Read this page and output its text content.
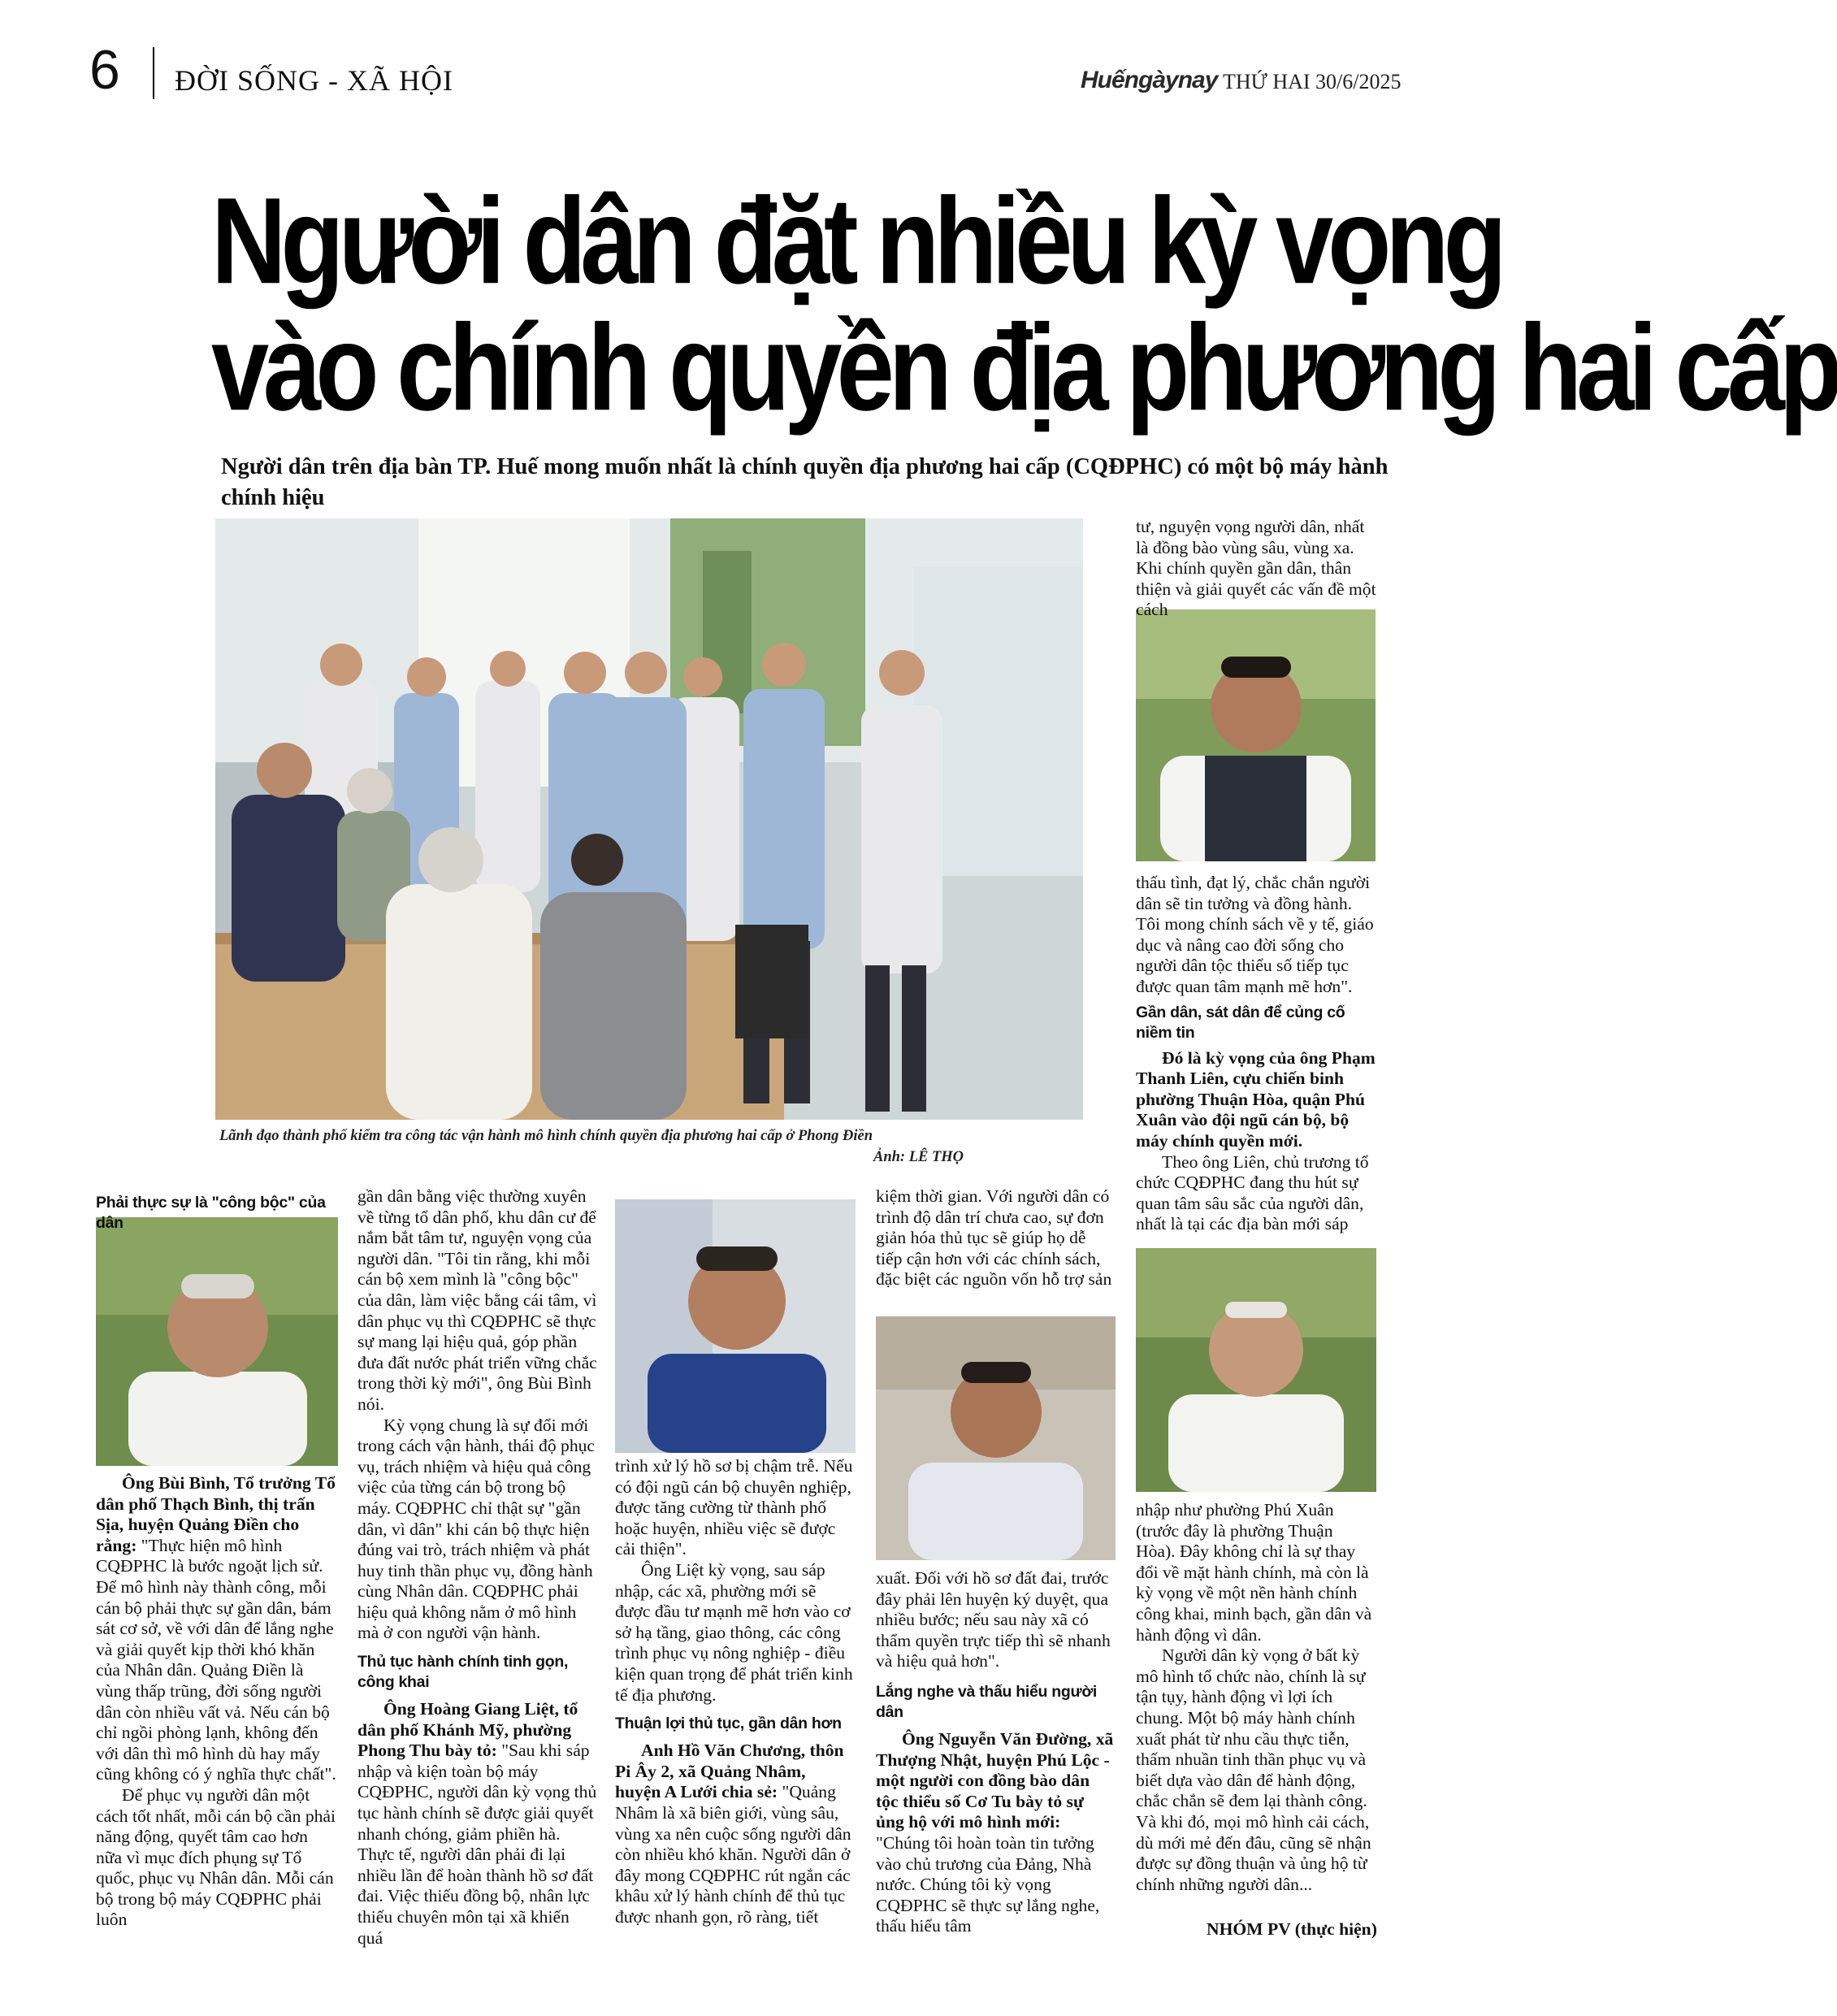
6 ĐỜI SỐNG - XÃ HỘI	Huếngàynay THỨ HAI 30/6/2025
Người dân đặt nhiều kỳ vọng
vào chính quyền địa phương hai cấp
Người dân trên địa bàn TP. Huế mong muốn nhất là chính quyền địa phương hai cấp (CQĐPHC) có một bộ máy hành chính hiệu
Lãnh đạo thành phố kiểm tra công tác vận hành mô hình chính quyền địa phương hai cấp ở Phong Điền
Ảnh: LÊ THỌ
Phải thực sự là "công bộc" của dân

Ông Bùi Bình, Tổ trưởng Tổ dân phố Thạch Bình, thị trấn Sịa, huyện Quảng Điền cho rằng: "Thực hiện mô hình CQĐPHC là bước ngoặt lịch sử. Để mô hình này thành công, mỗi cán bộ phải thực sự gần dân, bám sát cơ sở, về với dân để lắng nghe và giải quyết kịp thời khó khăn của Nhân dân. Quảng Điền là vùng thấp trũng, đời sống người dân còn nhiều vất vả. Nếu cán bộ chỉ ngồi phòng lạnh, không đến với dân thì mô hình dù hay mấy cũng không có ý nghĩa thực chất".

Để phục vụ người dân một cách tốt nhất, mỗi cán bộ cần phải năng động, quyết tâm cao hơn nữa vì mục đích phụng sự Tổ quốc, phục vụ Nhân dân. Mỗi cán bộ trong bộ máy CQĐPHC phải luôn

gần dân bằng việc thường xuyên về từng tổ dân phố, khu dân cư để nắm bắt tâm tư, nguyện vọng của người dân. "Tôi tin rằng, khi mỗi cán bộ xem mình là "công bộc" của dân, làm việc bằng cái tâm, vì dân phục vụ thì CQĐPHC sẽ thực sự mang lại hiệu quả, góp phần đưa đất nước phát triển vững chắc trong thời kỳ mới", ông Bùi Bình nói.

Kỳ vọng chung là sự đổi mới trong cách vận hành, thái độ phục vụ, trách nhiệm và hiệu quả công việc của từng cán bộ trong bộ máy. CQĐPHC chỉ thật sự "gần dân, vì dân" khi cán bộ thực hiện đúng vai trò, trách nhiệm và phát huy tinh thần phục vụ, đồng hành cùng Nhân dân. CQĐPHC phải hiệu quả không nằm ở mô hình mà ở con người vận hành.

Thủ tục hành chính tinh gọn, công khai

Ông Hoàng Giang Liệt, tổ dân phố Khánh Mỹ, phường Phong Thu bày tỏ: "Sau khi sáp nhập và kiện toàn bộ máy CQĐPHC, người dân kỳ vọng thủ tục hành chính sẽ được giải quyết nhanh chóng, giảm phiền hà. Thực tế, người dân phải đi lại nhiều lần để hoàn thành hồ sơ đất đai. Việc thiếu đồng bộ, nhân lực thiếu chuyên môn tại xã khiến quá

trình xử lý hồ sơ bị chậm trễ. Nếu có đội ngũ cán bộ chuyên nghiệp, được tăng cường từ thành phố hoặc huyện, nhiều việc sẽ được cải thiện".

Ông Liệt kỳ vọng, sau sáp nhập, các xã, phường mới sẽ được đầu tư mạnh mẽ hơn vào cơ sở hạ tầng, giao thông, các công trình phục vụ nông nghiệp - điều kiện quan trọng để phát triển kinh tế địa phương.

Thuận lợi thủ tục, gần dân hơn

Anh Hồ Văn Chương, thôn Pi Ây 2, xã Quảng Nhâm, huyện A Lưới chia sẻ: "Quảng Nhâm là xã biên giới, vùng sâu, vùng xa nên cuộc sống người dân còn nhiều khó khăn. Người dân ở đây mong CQĐPHC rút ngắn các khâu xử lý hành chính để thủ tục được nhanh gọn, rõ ràng, tiết

kiệm thời gian. Với người dân có trình độ dân trí chưa cao, sự đơn giản hóa thủ tục sẽ giúp họ dễ tiếp cận hơn với các chính sách, đặc biệt các nguồn vốn hỗ trợ sản

xuất. Đối với hồ sơ đất đai, trước đây phải lên huyện ký duyệt, qua nhiều bước; nếu sau này xã có thẩm quyền trực tiếp thì sẽ nhanh và hiệu quả hơn".

Lắng nghe và thấu hiểu người dân

Ông Nguyễn Văn Đường, xã Thượng Nhật, huyện Phú Lộc - một người con đồng bào dân tộc thiểu số Cơ Tu bày tỏ sự ủng hộ với mô hình mới: "Chúng tôi hoàn toàn tin tưởng vào chủ trương của Đảng, Nhà nước. Chúng tôi kỳ vọng CQĐPHC sẽ thực sự lắng nghe, thấu hiểu tâm

tư, nguyện vọng người dân, nhất là đồng bào vùng sâu, vùng xa. Khi chính quyền gần dân, thân thiện và giải quyết các vấn đề một cách

thấu tình, đạt lý, chắc chắn người dân sẽ tin tưởng và đồng hành. Tôi mong chính sách về y tế, giáo dục và nâng cao đời sống cho người dân tộc thiểu số tiếp tục được quan tâm mạnh mẽ hơn".

Gần dân, sát dân để củng cố niềm tin

Đó là kỳ vọng của ông Phạm Thanh Liên, cựu chiến binh phường Thuận Hòa, quận Phú Xuân vào đội ngũ cán bộ, bộ máy chính quyền mới.

Theo ông Liên, chủ trương tổ chức CQĐPHC đang thu hút sự quan tâm sâu sắc của người dân, nhất là tại các địa bàn mới sáp

nhập như phường Phú Xuân (trước đây là phường Thuận Hòa). Đây không chỉ là sự thay đổi về mặt hành chính, mà còn là kỳ vọng về một nền hành chính công khai, minh bạch, gần dân và hành động vì dân.

Người dân kỳ vọng ở bất kỳ mô hình tổ chức nào, chính là sự tận tụy, hành động vì lợi ích chung. Một bộ máy hành chính xuất phát từ nhu cầu thực tiễn, thấm nhuần tinh thần phục vụ và biết dựa vào dân để hành động, chắc chắn sẽ đem lại thành công. Và khi đó, mọi mô hình cải cách, dù mới mẻ đến đâu, cũng sẽ nhận được sự đồng thuận và ủng hộ từ chính những người dân...

NHÓM PV (thực hiện)
